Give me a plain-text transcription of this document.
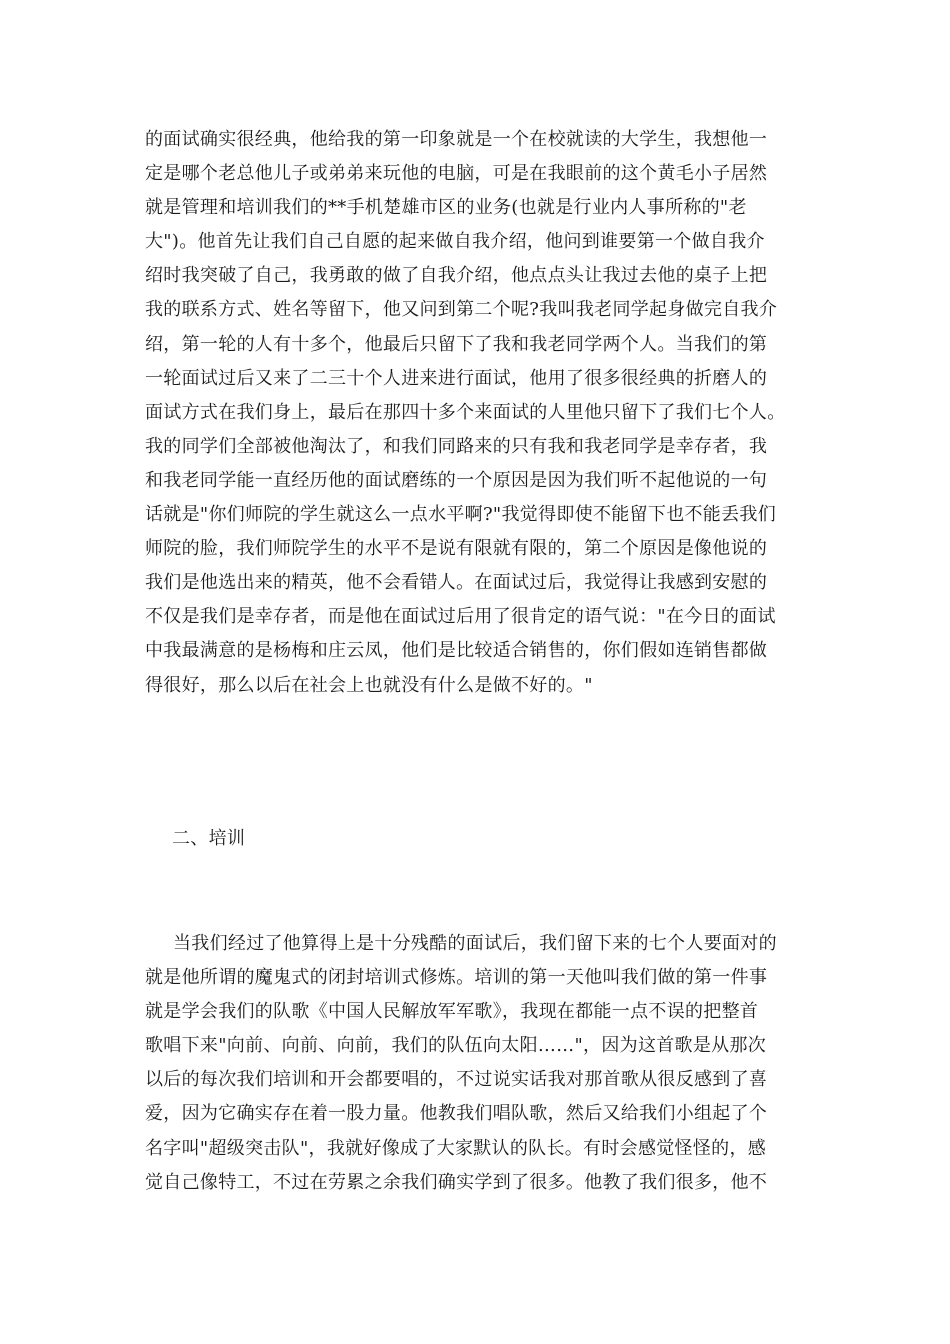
的面试确实很经典，他给我的第一印象就是一个在校就读的大学生，我想他一
定是哪个老总他儿子或弟弟来玩他的电脑，可是在我眼前的这个黄毛小子居然
就是管理和培训我们的**手机楚雄市区的业务(也就是行业内人事所称的"老
大")。他首先让我们自己自愿的起来做自我介绍，他问到谁要第一个做自我介
绍时我突破了自己，我勇敢的做了自我介绍，他点点头让我过去他的桌子上把
我的联系方式、姓名等留下，他又问到第二个呢?我叫我老同学起身做完自我介
绍，第一轮的人有十多个，他最后只留下了我和我老同学两个人。当我们的第
一轮面试过后又来了二三十个人进来进行面试，他用了很多很经典的折磨人的
面试方式在我们身上，最后在那四十多个来面试的人里他只留下了我们七个人。
我的同学们全部被他淘汰了，和我们同路来的只有我和我老同学是幸存者，我
和我老同学能一直经历他的面试磨练的一个原因是因为我们听不起他说的一句
话就是"你们师院的学生就这么一点水平啊?"我觉得即使不能留下也不能丢我们
师院的脸，我们师院学生的水平不是说有限就有限的，第二个原因是像他说的
我们是他选出来的精英，他不会看错人。在面试过后，我觉得让我感到安慰的
不仅是我们是幸存者，而是他在面试过后用了很肯定的语气说："在今日的面试
中我最满意的是杨梅和庄云凤，他们是比较适合销售的，你们假如连销售都做
得很好，那么以后在社会上也就没有什么是做不好的。"
二、培训
当我们经过了他算得上是十分残酷的面试后，我们留下来的七个人要面对的
就是他所谓的魔鬼式的闭封培训式修炼。培训的第一天他叫我们做的第一件事
就是学会我们的队歌《中国人民解放军军歌》，我现在都能一点不误的把整首
歌唱下来"向前、向前、向前，我们的队伍向太阳……"，因为这首歌是从那次
以后的每次我们培训和开会都要唱的，不过说实话我对那首歌从很反感到了喜
爱，因为它确实存在着一股力量。他教我们唱队歌，然后又给我们小组起了个
名字叫"超级突击队"，我就好像成了大家默认的队长。有时会感觉怪怪的，感
觉自己像特工，不过在劳累之余我们确实学到了很多。他教了我们很多，他不
